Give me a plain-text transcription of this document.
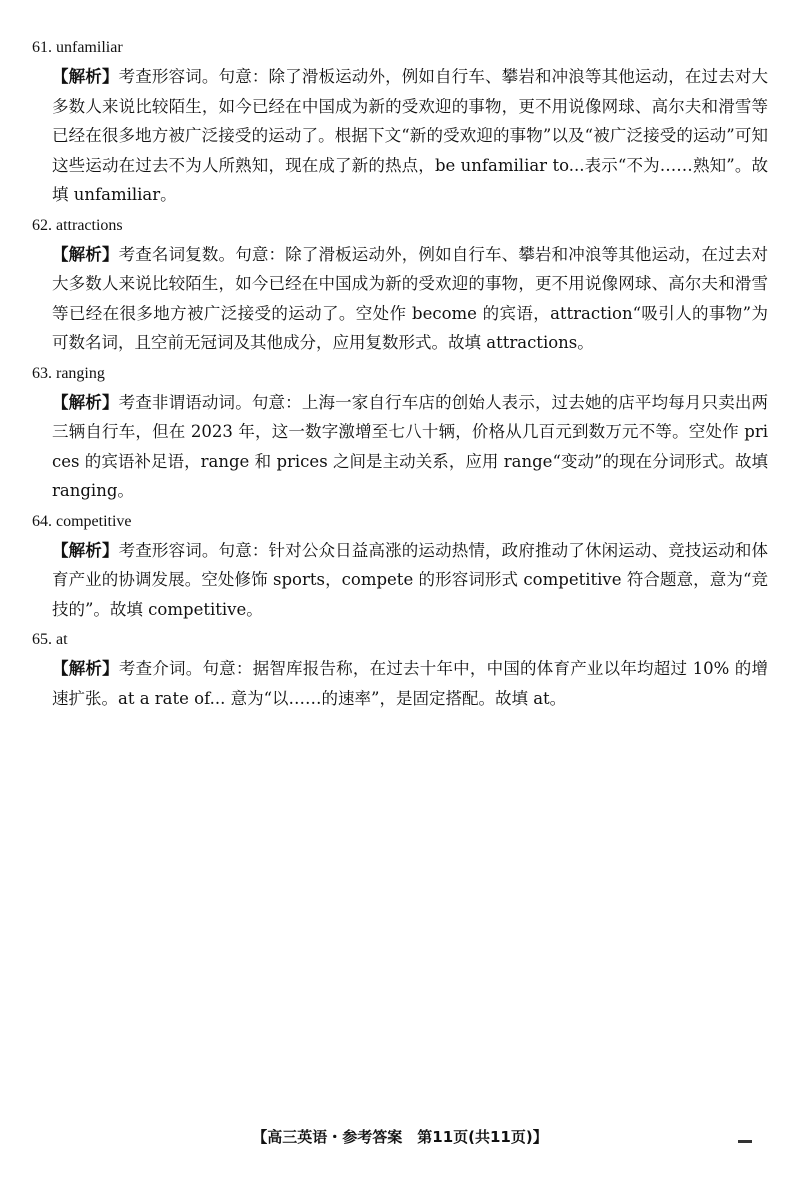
61. unfamiliar

【解析】考查形容词。句意：除了滑板运动外，例如自行车、攀岩和冲浪等其他运动，在过去对大多数人来说比较陌生，如今已经在中国成为新的受欢迎的事物，更不用说像网球、高尔夫和滑雪等已经在很多地方被广泛接受的运动了。根据下文“新的受欢迎的事物”以及“被广泛接受的运动”可知这些运动在过去不为人所熟知，现在成了新的热点，be unfamiliar to...表示“不为……熟知”。故填 unfamiliar。

62. attractions

【解析】考查名词复数。句意：除了滑板运动外，例如自行车、攀岩和冲浪等其他运动，在过去对大多数人来说比较陌生，如今已经在中国成为新的受欢迎的事物，更不用说像网球、高尔夫和滑雪等已经在很多地方被广泛接受的运动了。空处作 become 的宾语，attraction“吸引人的事物”为可数名词，且空前无冠词及其他成分，应用复数形式。故填 attractions。

63. ranging

【解析】考查非谓语动词。句意：上海一家自行车店的创始人表示，过去她的店平均每月只卖出两三辆自行车，但在 2023 年，这一数字激增至七八十辆，价格从几百元到数万元不等。空处作 prices 的宾语补足语，range 和 prices 之间是主动关系，应用 range“变动”的现在分词形式。故填 ranging。

64. competitive

【解析】考查形容词。句意：针对公众日益高涨的运动热情，政府推动了休闲运动、竞技运动和体育产业的协调发展。空处修饰 sports，compete 的形容词形式 competitive 符合题意，意为“竞技的”。故填 competitive。

65. at

【解析】考查介词。句意：据智库报告称，在过去十年中，中国的体育产业以年均超过 10% 的增速扩张。at a rate of... 意为“以……的速率”，是固定搭配。故填 at。

【高三英语・参考答案　第11页(共11页)】
